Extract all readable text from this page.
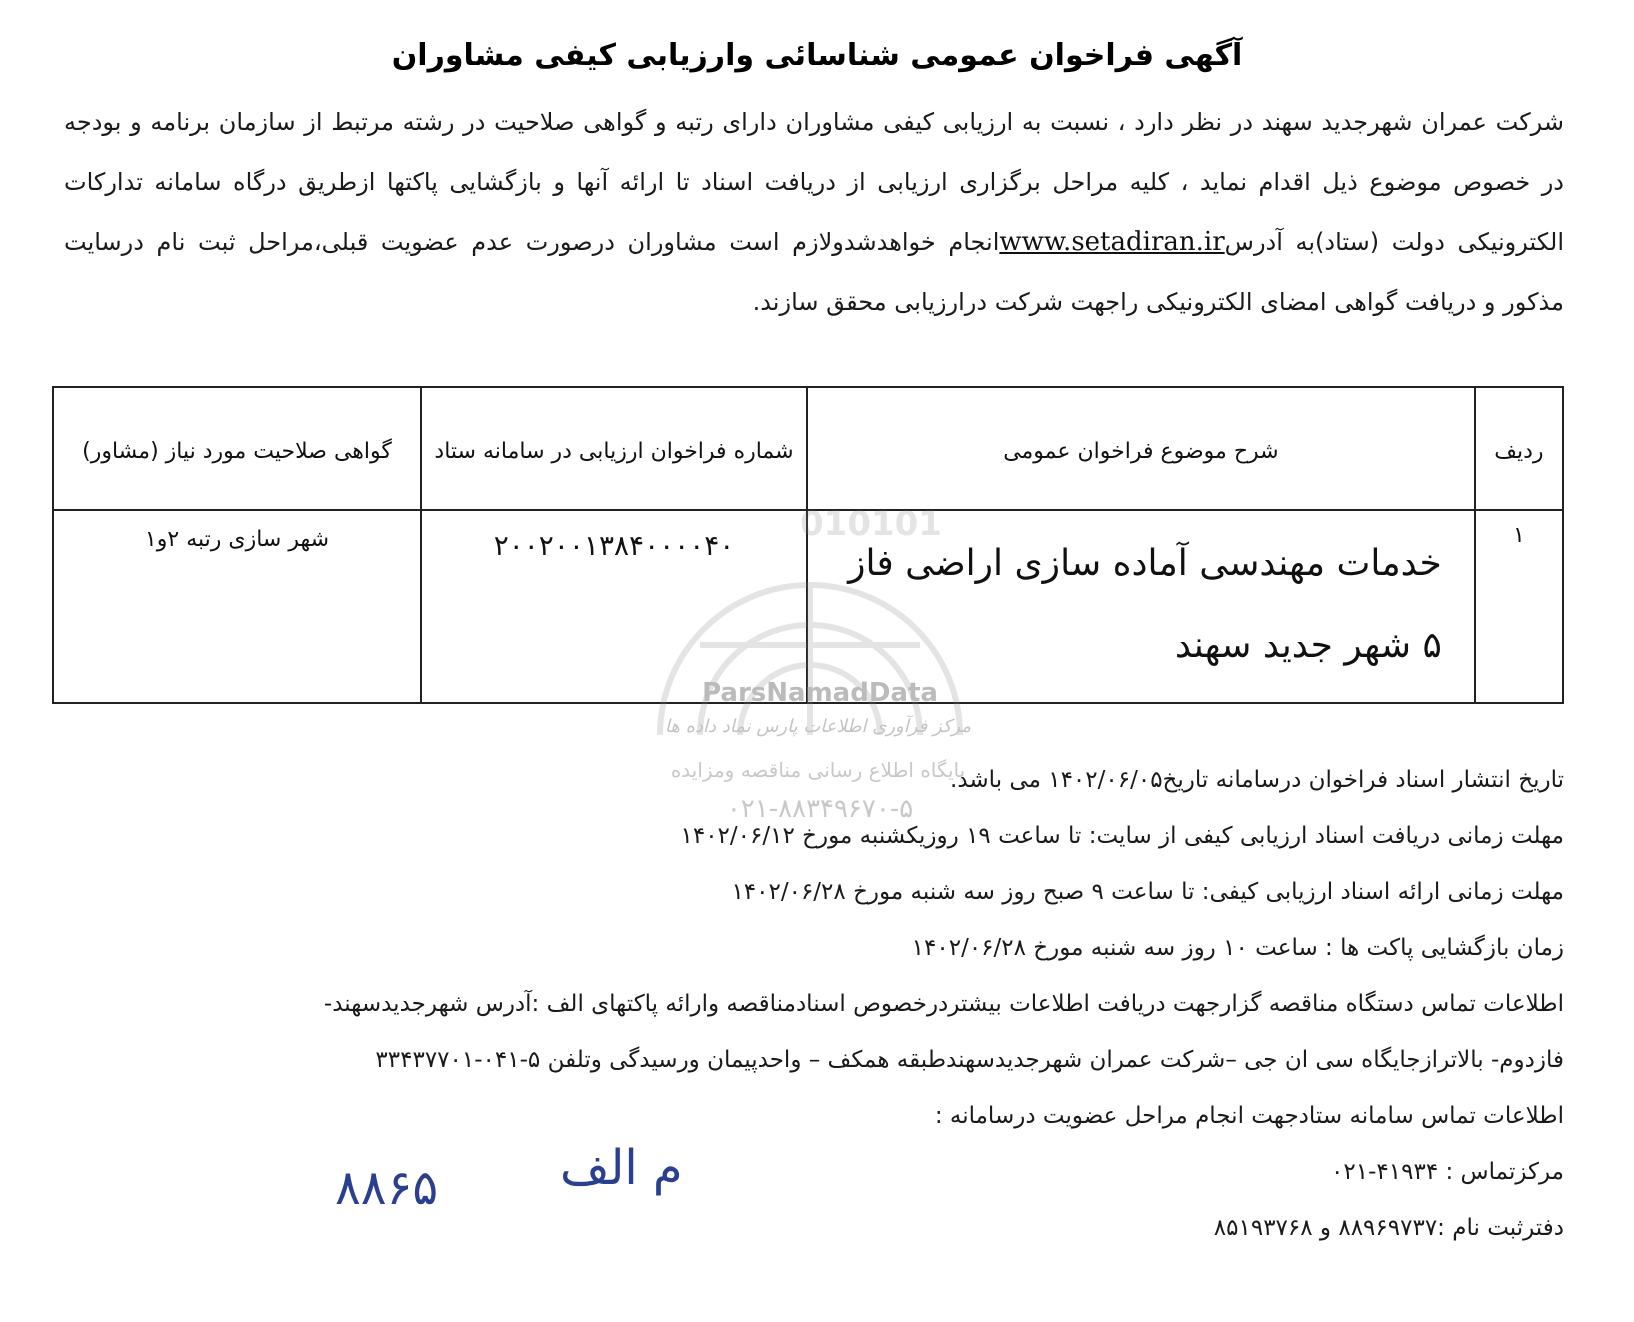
آگهی فراخوان عمومی شناسائی وارزیابی کیفی مشاوران
شرکت عمران شهرجدید سهند در نظر دارد ، نسبت به ارزیابی کیفی مشاوران دارای رتبه و گواهی صلاحیت در رشته مرتبط از سازمان برنامه و بودجه در خصوص موضوع ذیل اقدام نماید ، کلیه مراحل برگزاری ارزیابی از دریافت اسناد تا ارائه آنها و بازگشایی پاکتها ازطریق درگاه سامانه تدارکات الکترونیکی دولت (ستاد)به آدرسwww.setadiran.irانجام خواهدشدولازم است مشاوران درصورت عدم عضویت قبلی،مراحل ثبت نام درسایت مذکور و دریافت گواهی امضای الکترونیکی راجهت شرکت درارزیابی محقق سازند.
ردیف	شرح موضوع فراخوان عمومی	شماره فراخوان ارزیابی در سامانه ستاد	گواهی صلاحیت مورد نیاز (مشاور)
۱	خدمات مهندسی آماده سازی اراضی فاز ۵ شهر جدید سهند	۲۰۰۲۰۰۱۳۸۴۰۰۰۰۴۰	شهر سازی رتبه ۲و۱	010101
ParsNamadData
مرکز فرآوری اطلاعات پارس نماد داده ها
پایگاه اطلاع رسانی مناقصه ومزایده
۰۲۱-۸۸۳۴۹۶۷۰-۵
تاریخ انتشار اسناد فراخوان درسامانه تاریخ۱۴۰۲/۰۶/۰۵ می باشد.
مهلت زمانی دریافت اسناد ارزیابی کیفی از سایت: تا ساعت ۱۹ روزیکشنبه مورخ ۱۴۰۲/۰۶/۱۲
مهلت زمانی ارائه اسناد ارزیابی کیفی: تا ساعت ۹ صبح روز سه شنبه مورخ ۱۴۰۲/۰۶/۲۸
زمان بازگشایی پاکت ها : ساعت ۱۰ روز سه شنبه مورخ ۱۴۰۲/۰۶/۲۸
اطلاعات تماس دستگاه مناقصه گزارجهت دریافت اطلاعات بیشتردرخصوص اسنادمناقصه وارائه پاکتهای الف :آدرس شهرجدیدسهند-
فازدوم- بالاترازجایگاه سی ان جی –شرکت عمران شهرجدیدسهندطبقه همکف – واحدپیمان ورسیدگی وتلفن ۵-۰۴۱-۳۳۴۳۷۷۰۱
اطلاعات تماس سامانه ستادجهت انجام مراحل عضویت درسامانه :
مرکزتماس : ۴۱۹۳۴-۰۲۱
دفترثبت نام :۸۸۹۶۹۷۳۷ و ۸۵۱۹۳۷۶۸
م الف
۸۸۶۵
